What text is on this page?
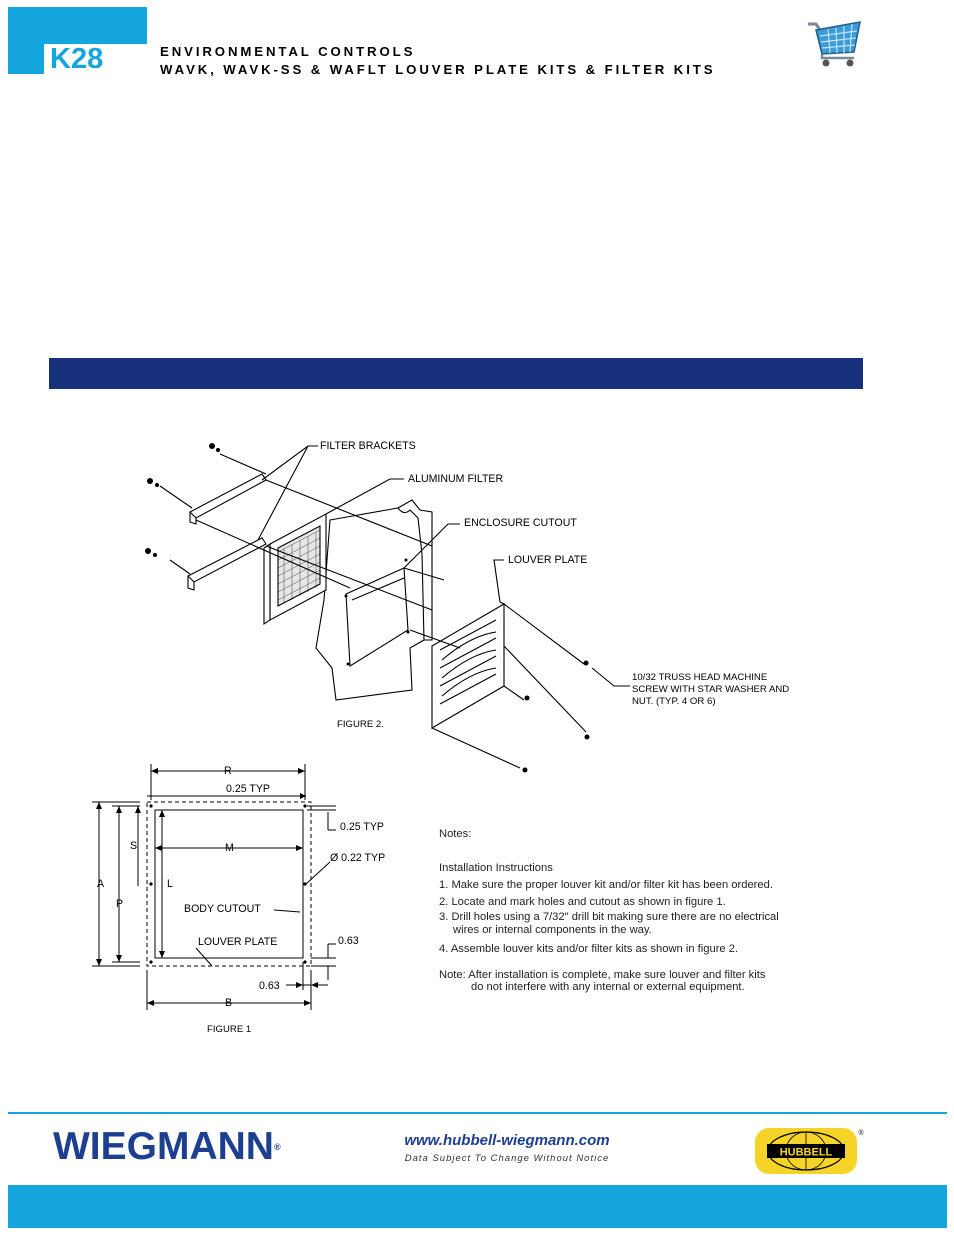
K28	ENVIRONMENTAL CONTROLS
WAVK, WAVK-SS & WAFLT LOUVER PLATE KITS & FILTER KITS
FILTER BRACKETS
ALUMINUM FILTER
ENCLOSURE CUTOUT
LOUVER PLATE
10/32 TRUSS HEAD MACHINE
SCREW WITH STAR WASHER AND
NUT. (TYP. 4 OR 6)
FIGURE 2.
R
0.25 TYP
0.25 TYP
Ø 0.22 TYP
S	M
A	L
P	BODY CUTOUT
LOUVER PLATE	0.63
0.63
B
FIGURE 1

Notes:

Installation Instructions

1. Make sure the proper louver kit and/or filter kit has been ordered.

2. Locate and mark holes and cutout as shown in figure 1.

3. Drill holes using a 7/32" drill bit making sure there are no electrical

wires or internal components in the way.

4. Assemble louver kits and/or filter kits as shown in figure 2.

Note: After installation is complete, make sure louver and filter kits

do not interfere with any internal or external equipment.

WIEGMANN®	www.hubbell-wiegmann.com
Data Subject To Change Without Notice	HUBBELL
®
